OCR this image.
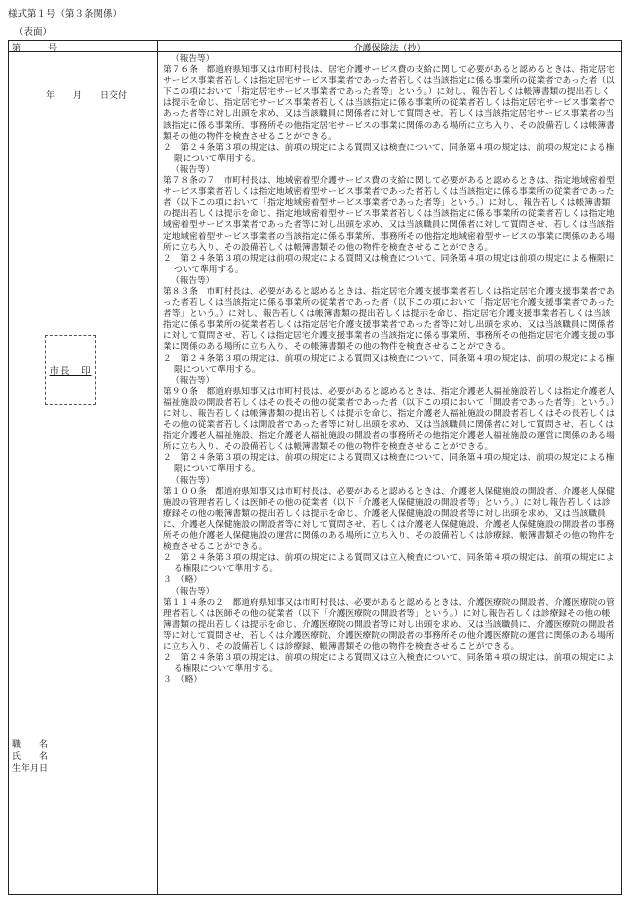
様式第１号（第３条関係）
（表面）
第　　　号
年　　月　　日交付
職　　名
氏　　名
生年月日
市長　印
介護保険法（抄）

（報告等）

第７６条　都道府県知事又は市町村長は、居宅介護サービス費の支給に関して必要があると認めるときは、指定居宅サービス事業者若しくは指定居宅サービス事業者であった者若しくは当該指定に係る事業所の従業者であった者（以下この項において「指定居宅サービス事業者であった者等」という。）に対し、報告若しくは帳簿書類の提出若しくは提示を命じ、指定居宅サービス事業者若しくは当該指定に係る事業所の従業者若しくは指定居宅サービス事業者であった者等に対し出頭を求め、又は当該職員に関係者に対して質問させ、若しくは当該指定居宅サービス事業者の当該指定に係る事業所、事務所その他指定居宅サービスの事業に関係のある場所に立ち入り、その設備若しくは帳簿書類その他の物件を検査させることができる。

２　第２４条第３項の規定は、前項の規定による質問又は検査について、同条第４項の規定は、前項の規定による権限について準用する。

（報告等）

第７８条の７　市町村長は、地域密着型介護サービス費の支給に関して必要があると認めるときは、指定地域密着型サービス事業者若しくは指定地域密着型サービス事業者であった者若しくは当該指定に係る事業所の従業者であった者（以下この項において「指定地域密着型サービス事業者であった者等」という。）に対し、報告若しくは帳簿書類の提出若しくは提示を命じ、指定地域密着型サービス事業者若しくは当該指定に係る事業所の従業者若しくは指定地域密着型サービス事業者であった者等に対し出頭を求め、又は当該職員に関係者に対して質問させ、若しくは当該指定地域密着型サービス事業者の当該指定に係る事業所、事務所その他指定地域密着型サービスの事業に関係のある場所に立ち入り、その設備若しくは帳簿書類その他の物件を検査させることができる。

２　第２４条第３項の規定は前項の規定による質問又は検査について、同条第４項の規定は前項の規定による権限について準用する。

（報告等）

第８３条　市町村長は、必要があると認めるときは、指定居宅介護支援事業者若しくは指定居宅介護支援事業者であった者若しくは当該指定に係る事業所の従業者であった者（以下この項において「指定居宅介護支援事業者であった者等」という。）に対し、報告若しくは帳簿書類の提出若しくは提示を命じ、指定居宅介護支援事業者若しくは当該指定に係る事業所の従業者若しくは指定居宅介護支援事業者であった者等に対し出頭を求め、又は当該職員に関係者に対して質問させ、若しくは指定居宅介護支援事業者の当該指定に係る事業所、事務所その他指定居宅介護支援の事業に関係のある場所に立ち入り、その帳簿書類その他の物件を検査させることができる。

２　第２４条第３項の規定は、前項の規定による質問又は検査について、同条第４項の規定は、前項の規定による権限について準用する。

（報告等）

第９０条　都道府県知事又は市町村長は、必要があると認めるときは、指定介護老人福祉施設若しくは指定介護老人福祉施設の開設者若しくはその長その他の従業者であった者（以下この項において「開設者であった者等」という。）に対し、報告若しくは帳簿書類の提出若しくは提示を命じ、指定介護老人福祉施設の開設者若しくはその長若しくはその他の従業者若しくは開設者であった者等に対し出頭を求め、又は当該職員に関係者に対して質問させ、若しくは指定介護老人福祉施設、指定介護老人福祉施設の開設者の事務所その他指定介護老人福祉施設の運営に関係のある場所に立ち入り、その設備若しくは帳簿書類その他の物件を検査させることができる。

２　第２４条第３項の規定は、前項の規定による質問又は検査について、同条第４項の規定は、前項の規定による権限について準用する。

（報告等）

第１００条　都道府県知事又は市町村長は、必要があると認めるときは、介護老人保健施設の開設者、介護老人保健施設の管理者若しくは医師その他の従業者（以下「介護老人保健施設の開設者等」という。）に対し報告若しくは診療録その他の帳簿書類の提出若しくは提示を命じ、介護老人保健施設の開設者等に対し出頭を求め、又は当該職員に、介護老人保健施設の開設者等に対して質問させ、若しくは介護老人保健施設、介護老人保健施設の開設者の事務所その他介護老人保健施設の運営に関係のある場所に立ち入り、その設備若しくは診療録、帳簿書類その他の物件を検査させることができる。

２　第２４条第３項の規定は、前項の規定による質問又は立入検査について、同条第４項の規定は、前項の規定による権限について準用する。

３　（略）

（報告等）

第１１４条の２　都道府県知事又は市町村長は、必要があると認めるときは、介護医療院の開設者、介護医療院の管理者若しくは医師その他の従業者（以下「介護医療院の開設者等」という。）に対し報告若しくは診療録その他の帳簿書類の提出若しくは提示を命じ、介護医療院の開設者等に対し出頭を求め、又は当該職員に、介護医療院の開設者等に対して質問させ、若しくは介護医療院、介護医療院の開設者の事務所その他介護医療院の運営に関係のある場所に立ち入り、その設備若しくは診療録、帳簿書類その他の物件を検査させることができる。

２　第２４条第３項の規定は、前項の規定による質問又は立入検査について、同条第４項の規定は、前項の規定による権限について準用する。

３　（略）
